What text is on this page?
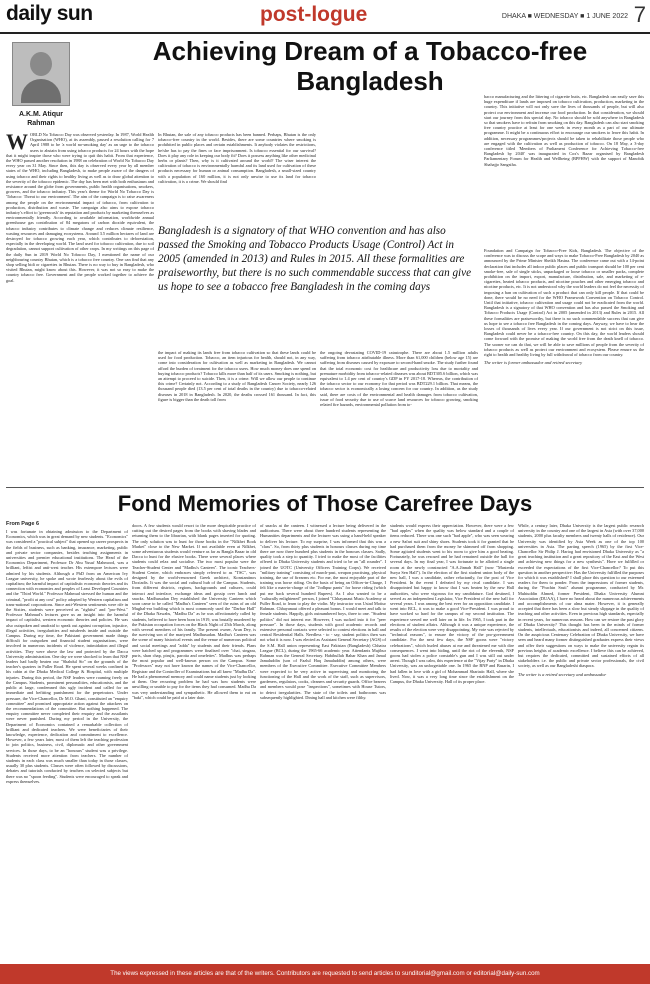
daily sun	post-logue	DHAKA ■ WEDNESDAY ■ 1 JUNE 2022 7
Achieving Dream of a Tobacco-free Bangladesh
A.K.M. Atiqur Rahman
WORLD No Tobacco Day was observed yesterday. In 1987, World Health Organisation (WHO), at its assembly, passed a resolution calling for 7 April 1988 to be 'a world no-smoking day' as an urge to the tobacco users to abstain from using tobacco products for 24 hours with the hope that it might inspire those who were trying to quit this habit. From that experience, the WHO passed another resolution in 1988 on celebration of World No Tobacco Day every year on 31 May. Since then, this day is observed every year by all member states of the WHO, including Bangladesh, to make people aware of the dangers of using tobacco and their rights to healthy living as well as to draw global attention to the severity of the tobacco epidemic. The day has been met with both enthusiasm and resistance around the globe from governments, public health organisations, smokers, growers, and the tobacco industry. This year's theme for World No Tobacco Day is 'Tobacco: Threat to our environment'. The aim of the campaign is to raise awareness among the people on the environmental impact of tobacco, from cultivation to production, distribution and waste. The campaign also aims to expose tobacco industry's effort to 'greenwash' its reputation and products by marketing themselves as environmentally friendly. According to available information, worldwide annual greenhouse gas contribution of 84 megatons of carbon dioxide equivalent, the tobacco industry contributes to climate change and reduces climate resilience, wasting resources and damaging ecosystems. Around 3.5 million hectares of land are destroyed for tobacco growing each year, which contributes to deforestation, especially in the developing world. The land used for tobacco cultivation, due to soil degradation, cannot support cultivation of other crops. In my writings on this page of the daily Sun in 2019 World No Tobacco Day, I mentioned the name of our neighbouring country Bhutan, which is a tobacco free country. One can find that any shop selling bidi or cigarettes in Bhutan. There is no way to buy in Bangladesh, who visited Bhutan, might know about this. However, it was not so easy to make the country tobacco free. Government and the people worked together to achieve the goal.
In Bhutan, the sale of any tobacco products has been banned. Perhaps, Bhutan is the only tobacco-free country in the world. Besides, there are some countries where smoking is prohibited in public places and certain establishments. It anybody violates the restrictions, he/she has to pay the fines or face imprisonment. Is tobacco essential for our survival? Does it play any role in keeping our body fit? Does it possess anything like other medicinal herbs or plants? Then, why is it cultivated around the world? The wiser interest the cultivation of tobacco is environmentally harmful and its land used for cultivation of these products necessary for human or animal consumption. Bangladesh, a small-sized country with a population of 160 million, it is not only unwise to use its land for tobacco cultivation, it is a crime. We should find
the impact of making its lands free from tobacco cultivation so that these lands could be used for food production. Tobacco, an item injurious for health, should not, in any way, come into consideration for cultivation as well as marketing in Bangladesh. We cannot afford the burden of treatment for the tobacco users. How much money does one spend on buying tobacco products? Tobacco kills more than half of its users. Smoking is nothing, but an attempt to proceed to suicide. Then, it is a crime. Will we allow our people to continue this crime? Certainly not. According to a study of Bangladesh Cancer Society, nearly 126 thousand people died (13.5 per cent of total deaths in the country) due to tobacco-related diseases in 2018 in Bangladesh. In 2020, the deaths crossed 161 thousand. In fact, this figure is bigger than the death toll from
the ongoing devastating COVID-19 catastrophe. There are about 1.5 million adults suffering from tobacco attributable illness. More than 61,000 children (below age 15) are suffering from diseases caused by exposure to second-hand smoke. The study further found that the total economic cost for healthcare and productivity loss due to mortality and premature morbidity from tobacco-related diseases was about BDT305.6 billion, which was equivalent to 1.4 per cent of country's GDP in FY 2017-18. Whereas, the contribution of the tobacco sector to our economy for that period was BDT229.1 billion. That means, the tobacco sector is economically a losing concern for our country. In addition, as the study said, there are costs of the environmental and health damages from tobacco cultivation, issue of food security due to use of scarce land resources for tobacco growing, smoking related fire hazards, environmental pollution from to-
bacco manufacturing and the littering of cigarette butts, etc. Bangladesh can easily save this huge expenditure if lands are imposed on tobacco cultivation, production, marketing in the country. This initiative will not only save the lives of thousands of people, but will also protect our environment and increase our food production. In that consideration, we should start our journey from this special day. No tobacco should be sold anywhere in Bangladesh so that smokers have to refrain from smoking on this day. Bangladesh can also start smoking free country practice at least for one week in every month as a part of our ultimate programme. It might be a continuous effort to encourage our smokers to leave this habit. In addition, necessary programmes/projects should be taken to rehabilitate those people who are engaged with the cultivation as well as production of tobacco. On 18 May, a 3-day conference titled 'Members of Parliament Conference for Achieving Tobacco-free Bangladesh by 2040' was inaugurated in Cox's Bazar organised by Bangladesh Parliamentary Forum for Health and Wellbeing (BPFHW) with the support of Manobik Shahajjo Sangstha.
Foundation and Campaign for Tobacco-Free Kids, Bangladesh. The objective of the conference was to discuss the scope and ways to make Tobacco-Free Bangladesh by 2040 as announced by the Prime Minister Sheikh Hasina. The conference came out with a 14-point declaration that includes all indoor public places and public transport should be 100 per cent smoke-free, sale of single sticks, unpackaged or loose tobacco or smaller packs, complete prohibition on the import, export, manufacture, distribution, sale, and marketing of e-cigarettes, heated tobacco products, and nicotine pouches and other emerging tobacco and nicotine products, etc. It is not understood why the world leaders do not feel the necessity of imposing a ban on cultivation of such a product that can only kill people. If that could be done, there would be no need for the WHO Framework Convention on Tobacco Control. Until that initiative, tobacco cultivation and usage could not be eradicated from the world. Bangladesh is a signatory of that WHO convention and has also passed the Smoking and Tobacco Products Usage (Control) Act in 2005 (amended in 2013) and Rules in 2015. All these formalities are praiseworthy, but there is no such commendable success that can give us hope to see a tobacco free Bangladesh in the coming days. Anyway, we have to hear the losses of thousands of lives every year. If our government is not strict on this issue, Bangladesh could never be a tobacco-free country. On this day, the world leaders should come forward with the promise of making the world free from the death knell of tobacco. The sooner we can do that, we will be able to save millions of people from the severity of tobacco products as well as protect our environment and ecosystem. Please ensure us the right to health and healthy living by full withdrawal of tobacco from our country.
The writer is former ambassador and retired secretary
Bangladesh is a signatory of that WHO convention and has also passed the Smoking and Tobacco Products Usage (Control) Act in 2005 (amended in 2013) and Rules in 2015. All these formalities are praiseworthy, but there is no such commendable success that can give us hope to see a tobacco free Bangladesh in the coming days
Fond Memories of Those Carefree Days
From Page 6
I was fortunate in obtaining admission to the Department of Economics, which was in great demand by new students. "Economics" was considered a "practical subject" that opened up career prospects in the fields of business, such as banking, insurance, marketing, public and private sector companies, besides teaching assignments in universities and premier educational institutions. The Head of the Economics Department, Professor Dr Abu Yusuf Mahmood, was a brilliant, leftist and anti-west teacher. His extempore lectures were admired by his students. Although a PhD from an American Ivy League university, he spoke and wrote fearlessly about the evils of capitalism; the harmful impact of capitalistic economic theories and its connection with economies and peoples of Least Developed Countries and the "Third World." Professor Mahmud stressed the human and the criminal, "profit at any cost" policy adopted by Western capitalism and trans-national corporations. Since anti-Western sentiments were rife in the Sixties, students were perceived as "rightist" and "pro-West." Professor Mahmud's lectures gave us an insight into the harmful impact of capitalist, western economic theories and policies. He was also outspoken and unafraid to speak out against corruption, injustice, illegal activities, irregularities and misdeeds inside and outside the Campus. During my time, the Pakistani government made things difficult for outspoken and financial student organisations, were involved in numerous incidents of violence, intimidation and illegal activities. They were above the law and protected by the Dacca University administration. One day we were shocked to learn that NSF leaders had badly beaten our "Shahdul Sir" on the grounds of the teacher's quarters in Fuller Road. He spent several weeks confined in his cabin at the Dhaka Medical College & Hospital, with multiple injuries. During this period, the NSF leaders were roaming freely on the Campus. Students, prominent personalities, educationists, and the public at large, condemned this ugly incident and called for an immediate and befitting punishment for the perpetrators. Under pressure, the Vice-Chancellor, Dr M.O. Ghani, constituted an "enquiry committee" and promised appropriate action against the attackers on the recommendations of the committee. But nothing happened. The enquiry committee never completed their enquiry and the assailants were never punished. During my period in the University, the Department of Economics contained a remarkable collection of brilliant and dedicated teachers. We were beneficiaries of their knowledge, experience, dedication and commitment to excellence. However, a few years later, most of them left the teaching profession to join politics, business, civil, diplomatic and other government services. In those days, to be an "honours" student was a privilege. Students received more attention from teachers. The number of students in each class was much smaller than today in those classes, usually 30 plus students. Classes were often followed by discussions, debates and tutorials conducted by teachers on selected subjects but there was no "spoon feeding". Students were encouraged to speak and express themselves.
doors. A few students would resort to the more despicable practice of cutting out the desired pages from the books with shaving blades and returning them to the librarian, with blank pages inserted for quoting. The only solution was to hunt for those books in the "Nilkhet Book Market" close to the New Market. If not available even at Nilkhet, some adventurous students would venture as far as Bangla Bazar in old Dacca to hunt for the elusive books. There were several places where students could relax and socialise. The two most popular were the Teacher-Student Center and "Madhu's Canteen". The iconic Teachers-Student Center, which embraces simply referred to as "TSC", was designed by the world-renowned Greek architect, Konstantinos Doxiadis. It was the social and cultural hub of the Campus. Students, from different districts, regions, backgrounds and cultures, could interact and interface, exchange ideas and gossip over lunch and snacks. Madhusudan Dey established the University Canteen which soon came to be called "Madhu's Canteen" seen of the ruins of an old Mughal-era building which is most commonly used the "Darbar Hall" of the Dhaka Nawabs, "Madhu Da" as he was affectionately called by students, believed to have been born in 1919, was brutally murdered by the Pakistan occupation forces on the Black Night of 25th March, along with several members of his family. The present owner, Arun Dey, is the surviving son of the martyred Madhusudan. Madhu's Canteen was the scene of many historical events and the venue of numerous political and social meetings and "adda" by students and their friends. Plans were hatched up and programmes were finalised over "chai, singara, puris, shan chap, pirujis, parotta and omelettes". Madhus was perhaps the most popular and well-known person on the Campus. Some "Professors" may not have known the names of the Vice-Chancellor, Registrar and the Controller of Examinations but all knew "Madhu Da". He had a phenomenal memory and could name students just by looking at them. One recurring problem he had was how students were unwilling or unable to pay for the items they had consumed. Madhu Da was very understanding and sympathetic. He allowed them to eat on "baki", which could be paid at a later date.
of snacks at the canteen. I witnessed a lecture being delivered in the auditorium. There were about three hundred students representing the Humanities departments and the lecturer was using a hand-held speaker to deliver his lecture. To my surprise, I was informed that this was a "class". So, from thirty plus students in honours classes during my time there are now three hundred plus students in the honours classes. Sadly, quality took a step to quantity. I tried to make the most of the facilities offered to Dhaka University students and tried to be an "all rounder". I joined the UOTC (University Officers Training Corps). We received "military training" consisting of march-past, weapon practising, physical training, the use of firearms etc. For me, the most enjoyable part of the training was horse riding. On the basis of being an Officer-in-Charge, I felt like a man-in-charge of the "Jodhpur pants" for horse riding (which put me back several hundred Rupees). As I also wanted to be a "culturally enlightened" person, I joined "Chhayanaut Music Academy at Puller Road, to learn to play the violin. My instructor was Ustad Motiur Rahman. Chhayanaut offered a pleasant bonus. I would meet and talk to female students. Happily, girls outnumbered boys, three to one. "Student politics" did not interest me. However, I was sucked into it for "peer pressure". In those days, students with good academic records and extensive personal contacts were selected to contest elections in hall and central Residential Halls. Needless - to - say, student politics then was not what it is now. I was elected as Assistant General Secretary (AGS) of the S.M. Hall union representing East Pakistan (Bangladesh) Chhatra League (BCL), during the 1965-66 academic year. Attendants Mujibur Rahman was the General Secretary. Habibullah Bahar Khan and Jamal Jamaluddin (son of Fazlul Haq Jamaluddin) among others, were members of the Executive Committee. Executive Committee Members were expected to be very active in supervising and monitoring the functioning of the Hall and the work of the staff, such as supervisors, gardeners, regulators, cooks, cleaners and security guards. Office bearers and members would pose "inspections", sometimes with House Tutors, to detect irregularities. The state of the toilets and bathrooms was subsequently highlighted. Dining hall and kitchen were filthy.
students would express their appreciation. However, there were a few "bad apples" when the quality was below standard and a couple of items reduced. There was one such "bad apple", who was seen wearing a new Safari suit and shiny shoes. Students took it for granted that he had purchased them from the money he skimmed off from shopping. Some agitated students went to his room to give him a good beating. Fortunately, he was rescued and he had remained outside the hall for several days. In my final year, I was fortunate to be allotted a single room at the newly constructed "A.A.Jinnah Hall" (now "Masterda Surya Sen Hall"). In the election of the first student union body of the new hall, I was a candidate, rather reluctantly, for the post of Vice President. In the event I defeated by my rival candidate. I was disappointed but happy to know that I was beaten by the new Hall authorities, who were vigorous for my candidature. God destined, I served as an independent Legislator, Vice President of the new hall for several years. I was among the best ever for an opposition candidate. I went into BCL, it was to make a good Vice-President. I was proud to have worked so hard for the campus of my second institution. The experience served me well later on in life. In 1965, I took part in the elections of student affairs. Although it was a unique experience, the results of the election were very disappointing. My vote was rejected by "technical reasons", to ensure the victory of the pro-government candidate. For the next few days, the NSF goons were "victory celebrations", which hurled abuses at me and threatened me with dire consequences. I went into hiding, until the riot of the eleventh, NSF goons had stolen a police constable's gun and I was still out under arrest. Though I was calm, this experience at the "Vijay Party" in Dhaka University, was an unforgettable one. In 1965 the BNP and Basarin, I had fallen in love with a girl of Mohammad Shariatic Hall, where she lived. Now, it was a very long time since the establishment on the Campus, the Dhaka University. Hall of its proper place.
While, a century later, Dhaka University is the largest public research university in the country and one of the largest in Asia (with over 37,000 students, 2000 plus faculty members and twenty halls of residence). Our University was identified by Asia Week as one of the top 100 universities in Asia. The parting speech (1965) by the first Vice-Chancellor Sir Philip J. Hartog had envisioned Dhaka University as "a great teaching institution and a great repository of the East and the West and achieving new things for a new synthesis". Have we fulfilled or exceeded the expectations of the first Vice-Chancellor? To put this question in another perspective: Has the University fulfilled the purposes for which it was established? I shall place this question to our esteemed readers for them to ponder. From the impressions of former students, during the "Prachin Sruti" alumni programme, conducted by Mr. Muhiuddin Ahmed, former President, Dhaka University Alumni Association (DUAA), I have no heard about the numerous achievements and accomplishments of our alma mater. However, it is generally accepted that there has been a slow but steady slippage in the quality of teaching and other activities. Even in previous high standards, especially in recent years, for numerous reasons. How can we restore the past glory of Dhaka University? This thought has been in the minds of former students, intellectuals, educationists and indeed, all concerned citizens. On the auspicious Centenary Celebration of Dhaka University, we have seen and heard many former distinguished graduates express their views and offer their suggestions on ways to make the university regain its previous heights of academic excellence. I believe this can be achieved, but requires the dedicated, committed and sustained efforts of all stakeholders i.e. the public and private sector professionals, the civil society, as well as our Bangladeshi diaspora.
The writer is a retired secretary and ambassador
The views expressed in these articles are that of the writers. Contributors are requested to send articles to sunditorial@gmail.com or editorial@daily-sun.com
